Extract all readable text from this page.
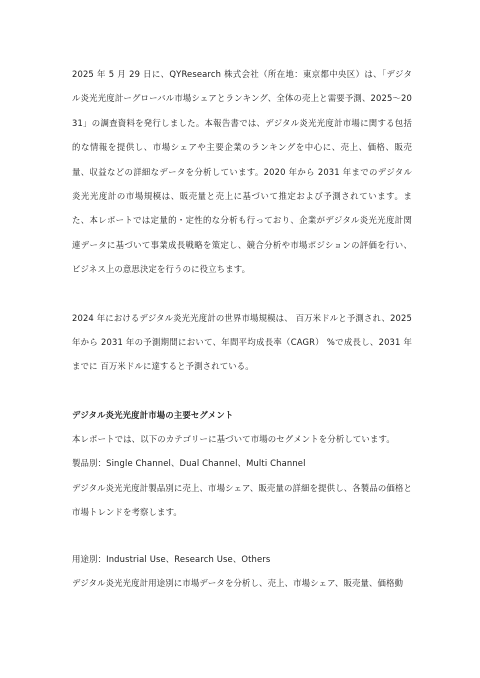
2025 年 5 月 29 日に、QYResearch 株式会社（所在地：東京都中央区）は、「デジタル炎光光度計ーグローバル市場シェアとランキング、全体の売上と需要予測、2025〜2031」の調査資料を発行しました。本報告書では、デジタル炎光光度計市場に関する包括的な情報を提供し、市場シェアや主要企業のランキングを中心に、売上、価格、販売量、収益などの詳細なデータを分析しています。2020 年から 2031 年までのデジタル炎光光度計の市場規模は、販売量と売上に基づいて推定および予測されています。また、本レポートでは定量的・定性的な分析も行っており、企業がデジタル炎光光度計関連データに基づいて事業成長戦略を策定し、競合分析や市場ポジションの評価を行い、ビジネス上の意思決定を行うのに役立ちます。

2024 年におけるデジタル炎光光度計の世界市場規模は、 百万米ドルと予測され、2025 年から 2031 年の予測期間において、年間平均成長率（CAGR） %で成長し、2031 年までに 百万米ドルに達すると予測されている。

デジタル炎光光度計市場の主要セグメント

本レポートでは、以下のカテゴリーに基づいて市場のセグメントを分析しています。

製品別：Single Channel、Dual Channel、Multi Channel

デジタル炎光光度計製品別に売上、市場シェア、販売量の詳細を提供し、各製品の価格と市場トレンドを考察します。

用途別：Industrial Use、Research Use、Others

デジタル炎光光度計用途別に市場データを分析し、売上、市場シェア、販売量、価格動
